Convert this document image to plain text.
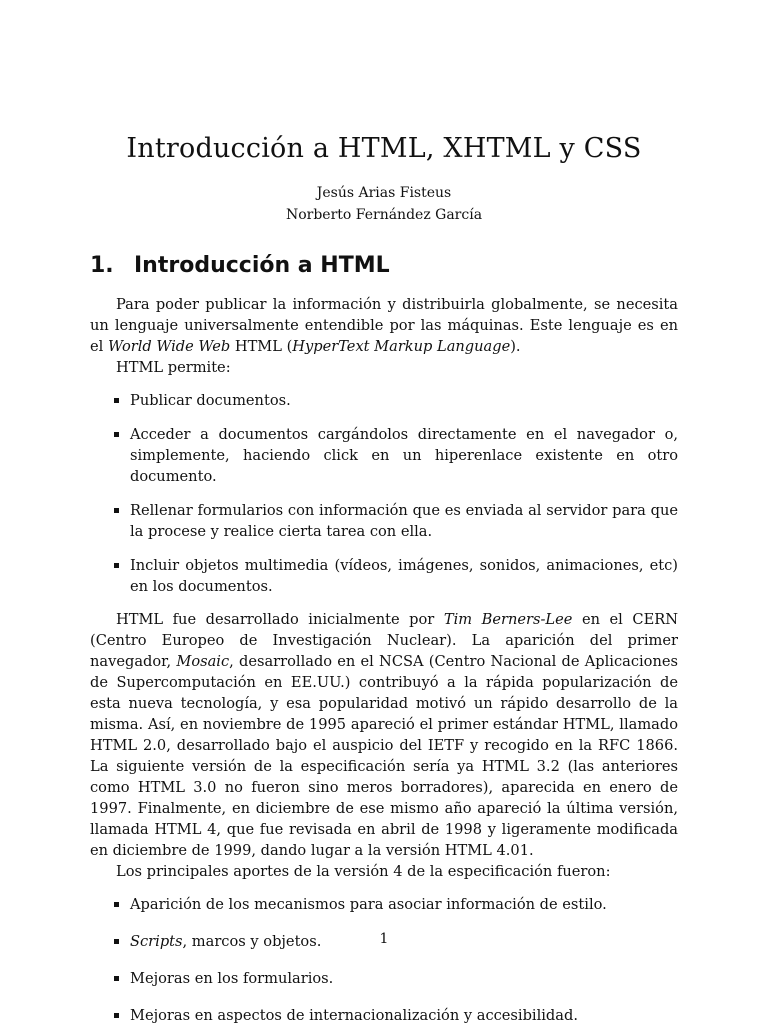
Introducción a HTML, XHTML y CSS
Jesús Arias Fisteus
Norberto Fernández García
1. Introducción a HTML

Para poder publicar la información y distribuirla globalmente, se necesita un lenguaje universalmente entendible por las máquinas. Este lenguaje es en el World Wide Web HTML (HyperText Markup Language).

HTML permite:

Publicar documentos.
Acceder a documentos cargándolos directamente en el navegador o, simplemente, haciendo click en un hiperenlace existente en otro documento.
Rellenar formularios con información que es enviada al servidor para que la procese y realice cierta tarea con ella.
Incluir objetos multimedia (vídeos, imágenes, sonidos, animaciones, etc) en los documentos.

HTML fue desarrollado inicialmente por Tim Berners-Lee en el CERN (Centro Europeo de Investigación Nuclear). La aparición del primer navegador, Mosaic, desarrollado en el NCSA (Centro Nacional de Aplicaciones de Supercomputación en EE.UU.) contribuyó a la rápida popularización de esta nueva tecnología, y esa popularidad motivó un rápido desarrollo de la misma. Así, en noviembre de 1995 apareció el primer estándar HTML, llamado HTML 2.0, desarrollado bajo el auspicio del IETF y recogido en la RFC 1866. La siguiente versión de la especificación sería ya HTML 3.2 (las anteriores como HTML 3.0 no fueron sino meros borradores), aparecida en enero de 1997. Finalmente, en diciembre de ese mismo año apareció la última versión, llamada HTML 4, que fue revisada en abril de 1998 y ligeramente modificada en diciembre de 1999, dando lugar a la versión HTML 4.01.

Los principales aportes de la versión 4 de la especificación fueron:

Aparición de los mecanismos para asociar información de estilo.
Scripts, marcos y objetos.
Mejoras en los formularios.
Mejoras en aspectos de internacionalización y accesibilidad.
1
